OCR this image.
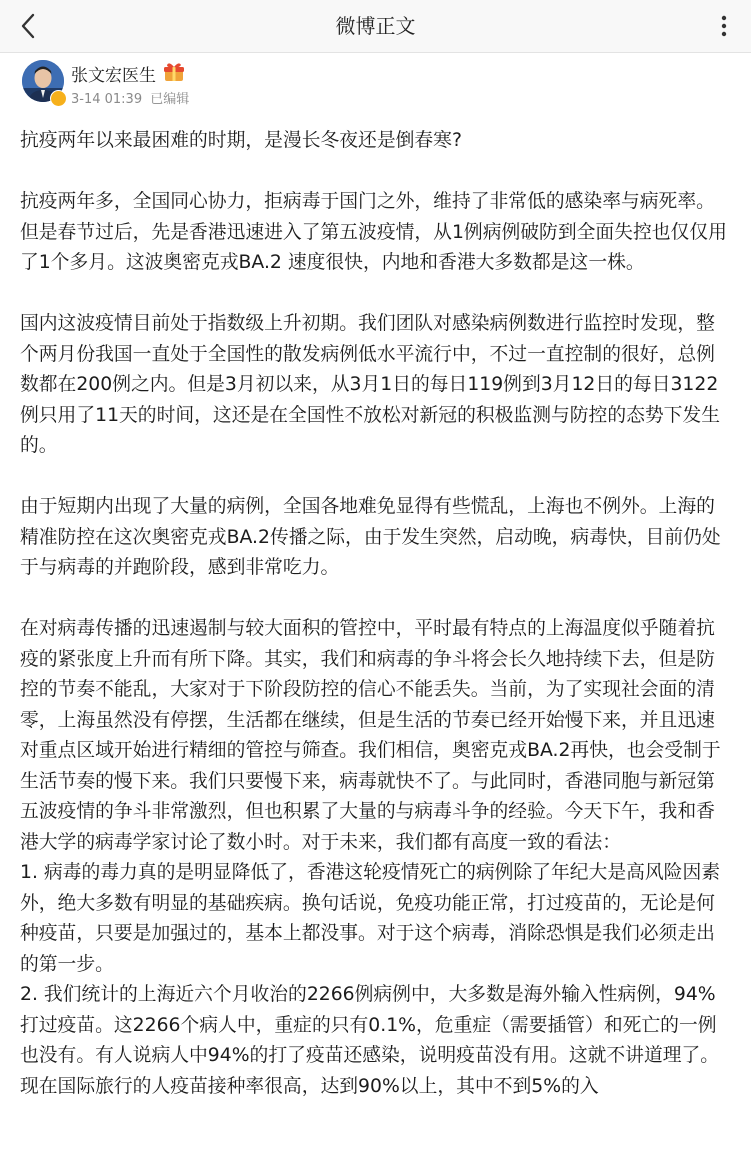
微博正文
张文宏医生
3-14 01:39 已编辑

抗疫两年以来最困难的时期，是漫长冬夜还是倒春寒?

抗疫两年多，全国同心协力，拒病毒于国门之外，维持了非常低的感染率与病死率。但是春节过后，先是香港迅速进入了第五波疫情，从1例病例破防到全面失控也仅仅用了1个多月。这波奥密克戎BA.2 速度很快，内地和香港大多数都是这一株。

国内这波疫情目前处于指数级上升初期。我们团队对感染病例数进行监控时发现，整个两月份我国一直处于全国性的散发病例低水平流行中，不过一直控制的很好，总例数都在200例之内。但是3月初以来，从3月1日的每日119例到3月12日的每日3122例只用了11天的时间，这还是在全国性不放松对新冠的积极监测与防控的态势下发生的。

由于短期内出现了大量的病例，全国各地难免显得有些慌乱，上海也不例外。上海的精准防控在这次奥密克戎BA.2传播之际，由于发生突然，启动晚，病毒快，目前仍处于与病毒的并跑阶段，感到非常吃力。

在对病毒传播的迅速遏制与较大面积的管控中，平时最有特点的上海温度似乎随着抗疫的紧张度上升而有所下降。其实，我们和病毒的争斗将会长久地持续下去，但是防控的节奏不能乱，大家对于下阶段防控的信心不能丢失。当前，为了实现社会面的清零，上海虽然没有停摆，生活都在继续，但是生活的节奏已经开始慢下来，并且迅速对重点区域开始进行精细的管控与筛查。我们相信，奥密克戎BA.2再快，也会受制于生活节奏的慢下来。我们只要慢下来，病毒就快不了。与此同时，香港同胞与新冠第五波疫情的争斗非常激烈，但也积累了大量的与病毒斗争的经验。今天下午，我和香港大学的病毒学家讨论了数小时。对于未来，我们都有高度一致的看法：

1. 病毒的毒力真的是明显降低了，香港这轮疫情死亡的病例除了年纪大是高风险因素外，绝大多数有明显的基础疾病。换句话说，免疫功能正常，打过疫苗的，无论是何种疫苗，只要是加强过的，基本上都没事。对于这个病毒，消除恐惧是我们必须走出的第一步。

2. 我们统计的上海近六个月收治的2266例病例中，大多数是海外输入性病例，94%打过疫苗。这2266个病人中，重症的只有0.1%，危重症（需要插管）和死亡的一例也没有。有人说病人中94%的打了疫苗还感染，说明疫苗没有用。这就不讲道理了。现在国际旅行的人疫苗接种率很高，达到90%以上，其中不到5%的入
